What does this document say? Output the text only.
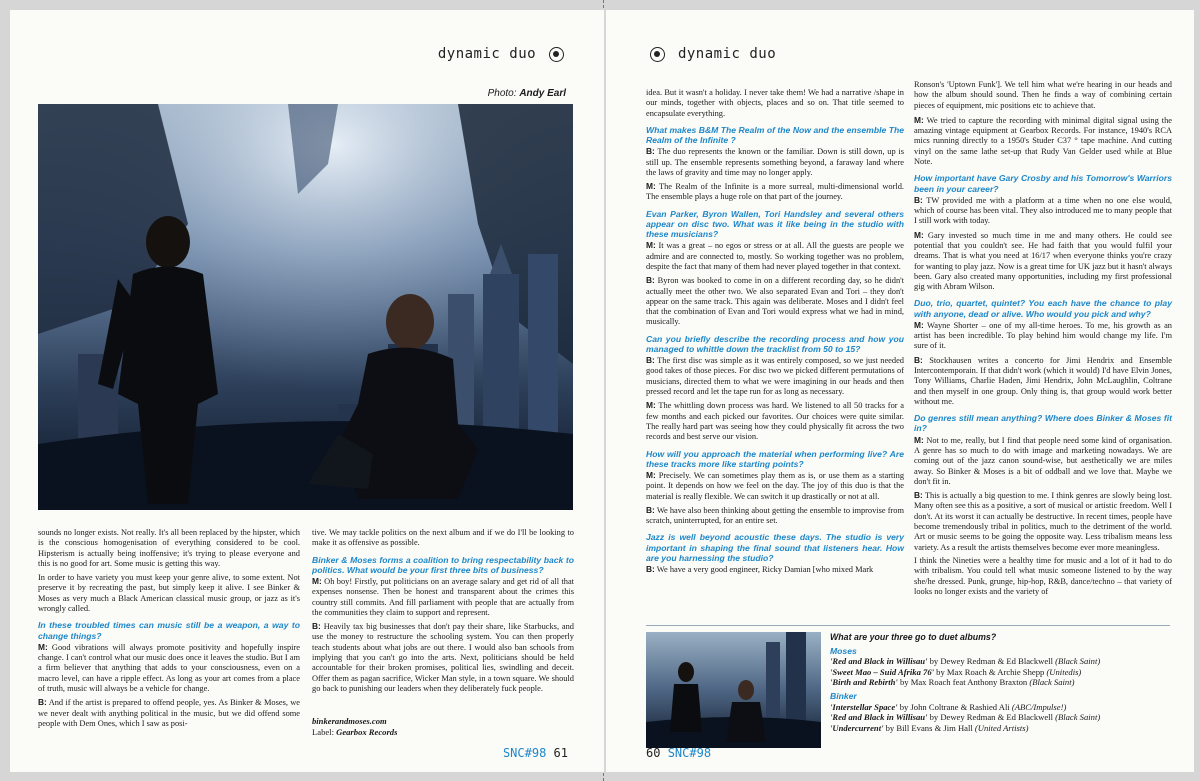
dynamic duo
Photo: Andy Earl
sounds no longer exists. Not really. It's all been replaced by the hipster, which is the conscious homogenisation of everything considered to be cool. Hipsterism is actually being inoffensive; it's trying to please everyone and this is no good for art. Some music is getting this way.
In order to have variety you must keep your genre alive, to some extent. Not preserve it by recreating the past, but simply keep it alive. I see Binker & Moses as very much a Black American classical music group, or jazz as it's wrongly called.
In these troubled times can music still be a weapon, a way to change things?
M: Good vibrations will always promote positivity and hopefully inspire change. I can't control what our music does once it leaves the studio. But I am a firm believer that anything that adds to your consciousness, even on a macro level, can have a ripple effect. As long as your art comes from a place of truth, music will always be a vehicle for change.
B: And if the artist is prepared to offend people, yes. As Binker & Moses, we we never dealt with anything political in the music, but we did offend some people with Dem Ones, which I saw as posi-
tive. We may tackle politics on the next album and if we do I'll be looking to make it as offensive as possible.
Binker & Moses forms a coalition to bring respectability back to politics. What would be your first three bits of business?
M: Oh boy! Firstly, put politicians on an average salary and get rid of all that expenses nonsense. Then be honest and transparent about the crimes this country still commits. And fill parliament with people that are actually from the communities they claim to support and represent.
B: Heavily tax big businesses that don't pay their share, like Starbucks, and use the money to restructure the schooling system. You can then properly teach students about what jobs are out there. I would also ban schools from implying that you can't go into the arts. Next, politicians should be held accountable for their broken promises, political lies, swindling and deceit. Offer them as pagan sacrifice, Wicker Man style, in a town square. We should go back to punishing our leaders when they deliberately fuck people.
binkerandmoses.com
Label: Gearbox Records
SNC#98 61
dynamic duo
idea. But it wasn't a holiday. I never take them! We had a narrative /shape in our minds, together with objects, places and so on. That title seemed to encapsulate everything.
What makes B&M The Realm of the Now and the ensemble The Realm of the Infinite ?
B: The duo represents the known or the familiar. Down is still down, up is still up. The ensemble represents something beyond, a faraway land where the laws of gravity and time may no longer apply.
M: The Realm of the Infinite is a more surreal, multi-dimensional world. The ensemble plays a huge role on that part of the journey.
Evan Parker, Byron Wallen, Tori Handsley and several others appear on disc two. What was it like being in the studio with these musicians?
M: It was a great – no egos or stress or at all. All the guests are people we admire and are connected to, mostly. So working together was no problem, despite the fact that many of them had never played together in that context.
B: Byron was booked to come in on a different recording day, so he didn't actually meet the other two. We also separated Evan and Tori – they don't appear on the same track. This again was deliberate. Moses and I didn't feel that the combination of Evan and Tori would express what we had in mind, musically.
Can you briefly describe the recording process and how you managed to whittle down the tracklist from 50 to 15?
B: The first disc was simple as it was entirely composed, so we just needed good takes of those pieces. For disc two we picked different permutations of musicians, directed them to what we were imagining in our heads and then pressed record and let the tape run for as long as necessary.
M: The whittling down process was hard. We listened to all 50 tracks for a few months and each picked our favorites. Our choices were quite similar. The really hard part was seeing how they could physically fit across the two records and best serve our vision.
How will you approach the material when performing live? Are these tracks more like starting points?
M: Precisely. We can sometimes play them as is, or use them as a starting point. It depends on how we feel on the day. The joy of this duo is that the material is really flexible. We can switch it up drastically or not at all.
B: We have also been thinking about getting the ensemble to improvise from scratch, uninterrupted, for an entire set.
Jazz is well beyond acoustic these days. The studio is very important in shaping the final sound that listeners hear. How are you harnessing the studio?
B: We have a very good engineer, Ricky Damian [who mixed Mark
Ronson's 'Uptown Funk']. We tell him what we're hearing in our heads and how the album should sound. Then he finds a way of combining certain pieces of equipment, mic positions etc to achieve that.
M: We tried to capture the recording with minimal digital signal using the amazing vintage equipment at Gearbox Records. For instance, 1940's RCA mics running directly to a 1950's Studer C37 ° tape machine. And cutting vinyl on the same lathe set-up that Rudy Van Gelder used while at Blue Note.
How important have Gary Crosby and his Tomorrow's Warriors been in your career?
B: TW provided me with a platform at a time when no one else would, which of course has been vital. They also introduced me to many people that I still work with today.
M: Gary invested so much time in me and many others. He could see potential that you couldn't see. He had faith that you would fulfil your dreams. That is what you need at 16/17 when everyone thinks you're crazy for wanting to play jazz. Now is a great time for UK jazz but it hasn't always been. Gary also created many opportunities, including my first professional gig with Abram Wilson.
Duo, trio, quartet, quintet? You each have the chance to play with anyone, dead or alive. Who would you pick and why?
M: Wayne Shorter – one of my all-time heroes. To me, his growth as an artist has been incredible. To play behind him would change my life. I'm sure of it.
B: Stockhausen writes a concerto for Jimi Hendrix and Ensemble Intercontemporain. If that didn't work (which it would) I'd have Elvin Jones, Tony Williams, Charlie Haden, Jimi Hendrix, John McLaughlin, Coltrane and then myself in one group. Only thing is, that group would work better without me.
Do genres still mean anything? Where does Binker & Moses fit in?
M: Not to me, really, but I find that people need some kind of organisation. A genre has so much to do with image and marketing nowadays. We are coming out of the jazz canon sound-wise, but aesthetically we are miles away. So Binker & Moses is a bit of oddball and we love that. Maybe we don't fit in.
B: This is actually a big question to me. I think genres are slowly being lost. Many often see this as a positive, a sort of musical or artistic freedom. Well I don't. At its worst it can actually be destructive. In recent times, people have become tremendously tribal in politics, much to the detriment of the world. Art or music seems to be going the opposite way. Less tribalism means less variety. As a result the artists themselves become ever more meaningless.
I think the Nineties were a healthy time for music and a lot of it had to do with tribalism. You could tell what music someone listened to by the way she/he dressed. Punk, grunge, hip-hop, R&B, dance/techno – that variety of looks no longer exists and the variety of
What are your three go to duet albums?
Moses
'Red and Black in Willisau' by Dewey Redman & Ed Blackwell (Black Saint)
'Sweet Mao – Suid Afrika 76' by Max Roach & Archie Shepp (Unitedis)
'Birth and Rebirth' by Max Roach feat Anthony Braxton (Black Saint)
Binker
'Interstellar Space' by John Coltrane & Rashied Ali (ABC/Impulse!)
'Red and Black in Willisau' by Dewey Redman & Ed Blackwell (Black Saint)
'Undercurrent' by Bill Evans & Jim Hall (United Artists)
60 SNC#98
